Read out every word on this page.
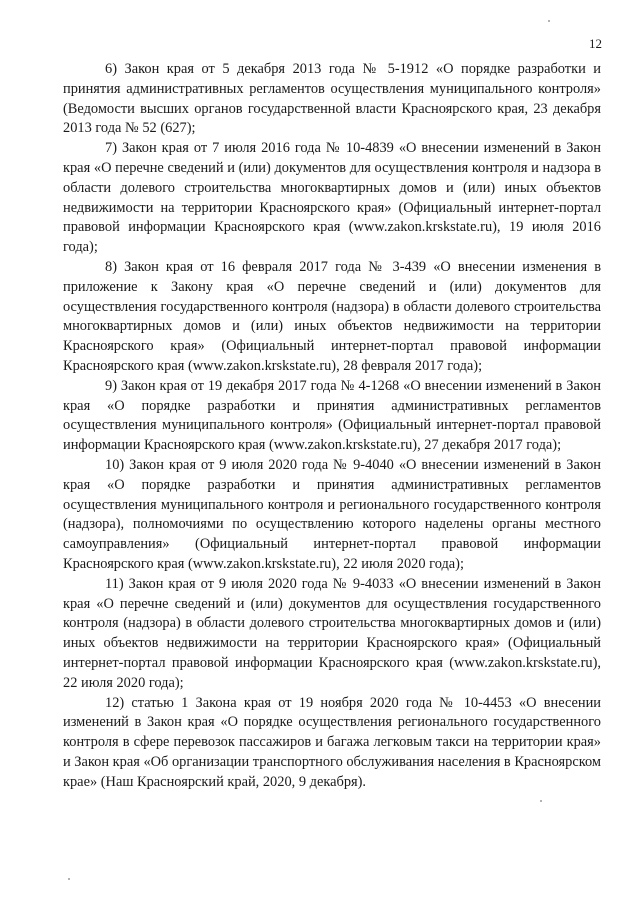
12

6) Закон края от 5 декабря 2013 года № 5-1912 «О порядке разработки и принятия административных регламентов осуществления муниципального контроля» (Ведомости высших органов государственной власти Красноярского края, 23 декабря 2013 года № 52 (627);

7) Закон края от 7 июля 2016 года № 10-4839 «О внесении изменений в Закон края «О перечне сведений и (или) документов для осуществления контроля и надзора в области долевого строительства многоквартирных домов и (или) иных объектов недвижимости на территории Красноярского края» (Официальный интернет-портал правовой информации Красноярского края (www.zakon.krskstate.ru), 19 июля 2016 года);

8) Закон края от 16 февраля 2017 года № 3-439 «О внесении изменения в приложение к Закону края «О перечне сведений и (или) документов для осуществления государственного контроля (надзора) в области долевого строительства многоквартирных домов и (или) иных объектов недвижимости на территории Красноярского края» (Официальный интернет-портал правовой информации Красноярского края (www.zakon.krskstate.ru), 28 февраля 2017 года);

9) Закон края от 19 декабря 2017 года № 4-1268 «О внесении изменений в Закон края «О порядке разработки и принятия административных регламентов осуществления муниципального контроля» (Официальный интернет-портал правовой информации Красноярского края (www.zakon.krskstate.ru), 27 декабря 2017 года);

10) Закон края от 9 июля 2020 года № 9-4040 «О внесении изменений в Закон края «О порядке разработки и принятия административных регламентов осуществления муниципального контроля и регионального государственного контроля (надзора), полномочиями по осуществлению которого наделены органы местного самоуправления» (Официальный интернет-портал правовой информации Красноярского края (www.zakon.krskstate.ru), 22 июля 2020 года);

11) Закон края от 9 июля 2020 года № 9-4033 «О внесении изменений в Закон края «О перечне сведений и (или) документов для осуществления государственного контроля (надзора) в области долевого строительства многоквартирных домов и (или) иных объектов недвижимости на территории Красноярского края» (Официальный интернет-портал правовой информации Красноярского края (www.zakon.krskstate.ru), 22 июля 2020 года);

12) статью 1 Закона края от 19 ноября 2020 года № 10-4453 «О внесении изменений в Закон края «О порядке осуществления регионального государственного контроля в сфере перевозок пассажиров и багажа легковым такси на территории края» и Закон края «Об организации транспортного обслуживания населения в Красноярском крае» (Наш Красноярский край, 2020, 9 декабря).
